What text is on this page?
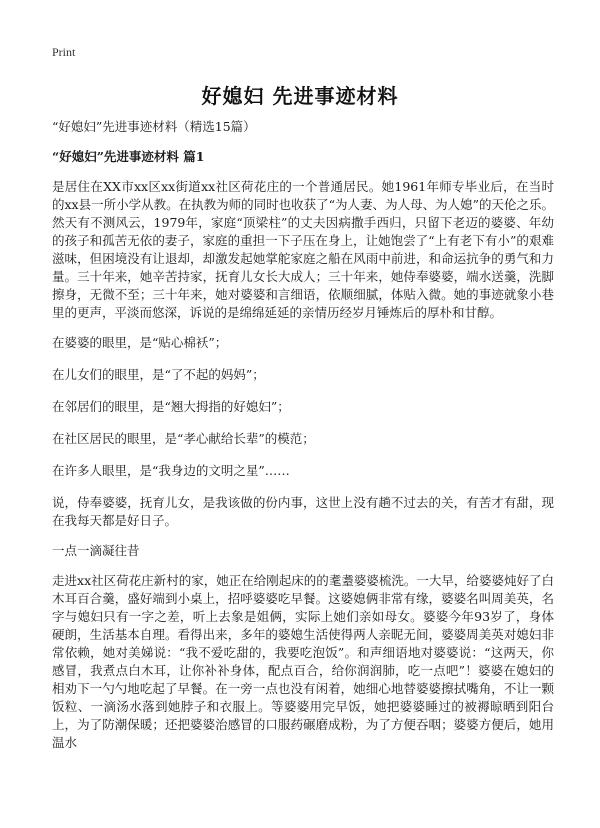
Print
好媳妇 先进事迹材料

“好媳妇”先进事迹材料（精选15篇）

“好媳妇”先进事迹材料 篇1

是居住在XX市xx区xx街道xx社区荷花庄的一个普通居民。她1961年师专毕业后，在当时的xx县一所小学从教。在执教为师的同时也收获了“为人妻、为人母、为人媳”的天伦之乐。然天有不测风云，1979年，家庭“顶梁柱”的丈夫因病撒手西归，只留下老迈的婆婆、年幼的孩子和孤苦无依的妻子，家庭的重担一下子压在身上，让她饱尝了“上有老下有小”的艰难滋味，但困境没有让退却，却激发起她掌舵家庭之船在风雨中前进，和命运抗争的勇气和力量。三十年来，她辛苦持家，抚育儿女长大成人；三十年来，她侍奉婆婆，端水送羹，洗脚擦身，无微不至；三十年来，她对婆婆和言细语，依顺细腻，体贴入微。她的事迹就象小巷里的更声，平淡而悠深，诉说的是绵绵延延的亲情历经岁月锤炼后的厚朴和甘醇。

在婆婆的眼里，是“贴心棉袄”；

在儿女们的眼里，是“了不起的妈妈”；

在邻居们的眼里，是“翘大拇指的好媳妇”；

在社区居民的眼里，是“孝心献给长辈”的模范；

在许多人眼里，是“我身边的文明之星”……

说，侍奉婆婆，抚育儿女，是我该做的份内事，这世上没有趟不过去的关，有苦才有甜，现在我每天都是好日子。

一点一滴凝往昔

走进xx社区荷花庄新村的家，她正在给刚起床的的耄耋婆婆梳洗。一大早，给婆婆炖好了白木耳百合羹，盛好端到小桌上，招呼婆婆吃早餐。这婆媳俩非常有缘，婆婆名叫周美英，名字与媳妇只有一字之差，听上去象是姐俩，实际上她们亲如母女。婆婆今年93岁了，身体硬朗，生活基本自理。看得出来，多年的婆媳生活使得两人亲昵无间，婆婆周美英对媳妇非常依赖，她对美娣说：“我不爱吃甜的，我要吃泡饭”。和声细语地对婆婆说：“这两天，你感冒，我煮点白木耳，让你补补身体，配点百合，给你润润肺，吃一点吧”！婆婆在媳妇的相劝下一勺勺地吃起了早餐。在一旁一点也没有闲着，她细心地替婆婆擦拭嘴角，不让一颗饭粒、一滴汤水落到她脖子和衣服上。等婆婆用完早饭，她把婆婆睡过的被褥晾晒到阳台上，为了防潮保暖；还把婆婆治感冒的口服药碾磨成粉，为了方便吞咽；婆婆方便后，她用温水
